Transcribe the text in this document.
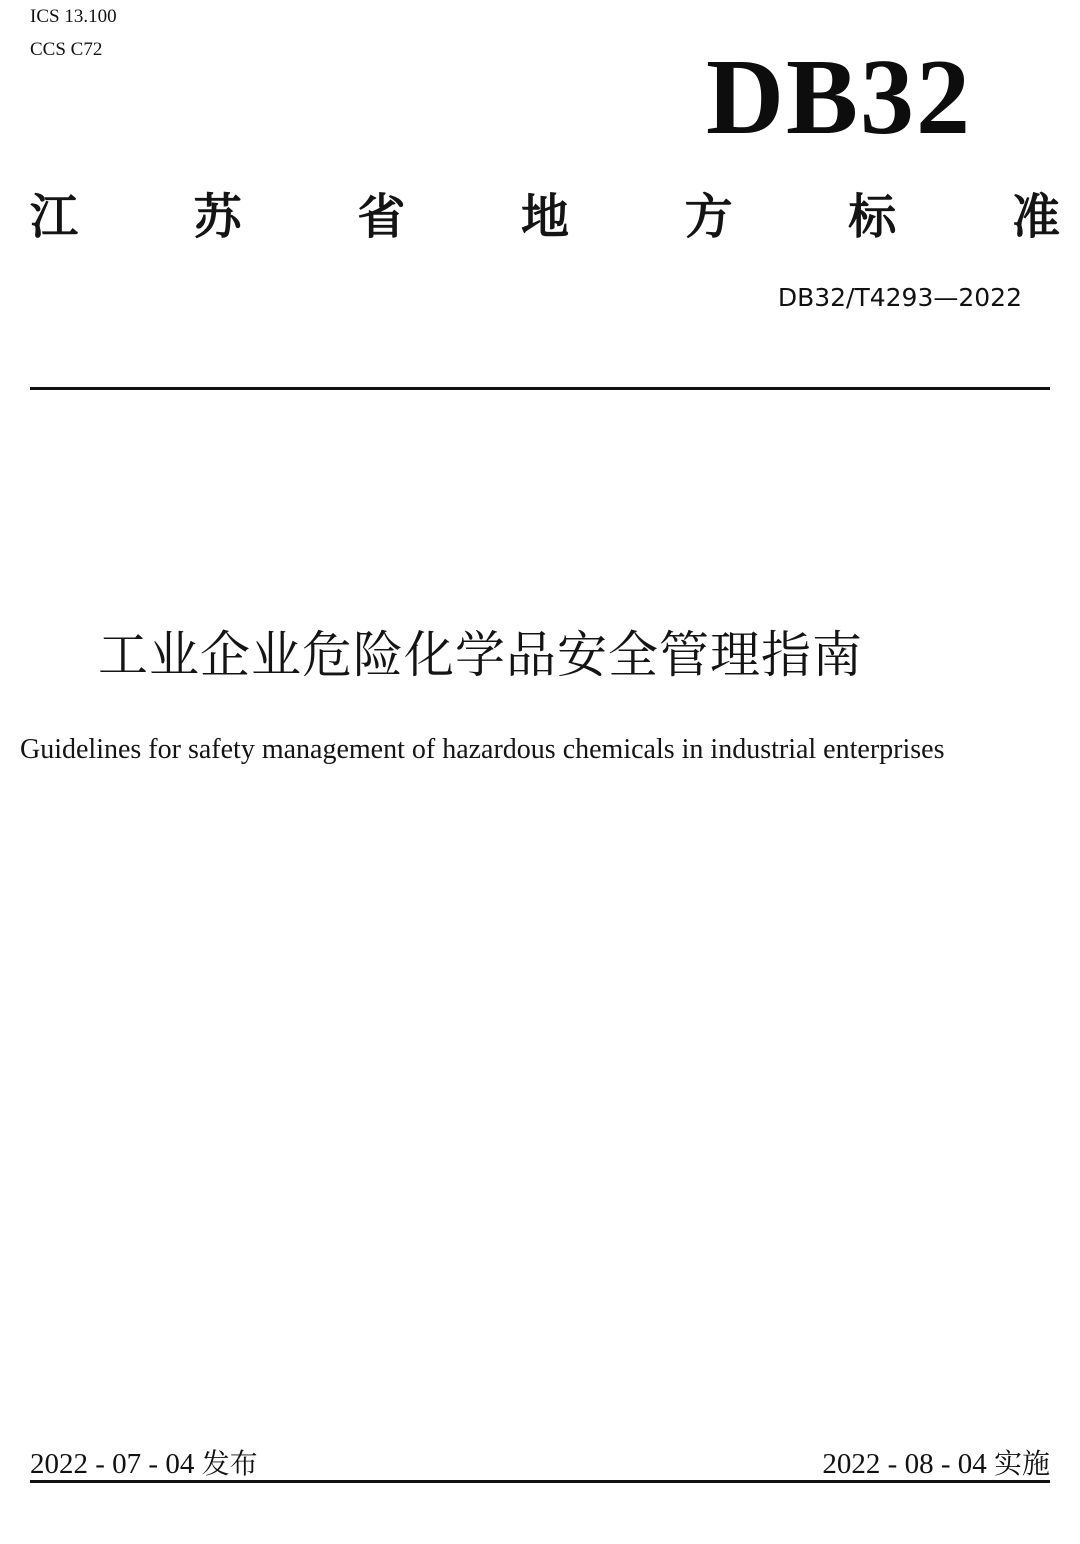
ICS 13.100
CCS C72	DB32
江 苏 省 地 方 标 准
DB32/T4293—2022
工业企业危险化学品安全管理指南
Guidelines for safety management of hazardous chemicals in industrial enterprises
2022 - 07 - 04 发布	2022 - 08 - 04 实施
